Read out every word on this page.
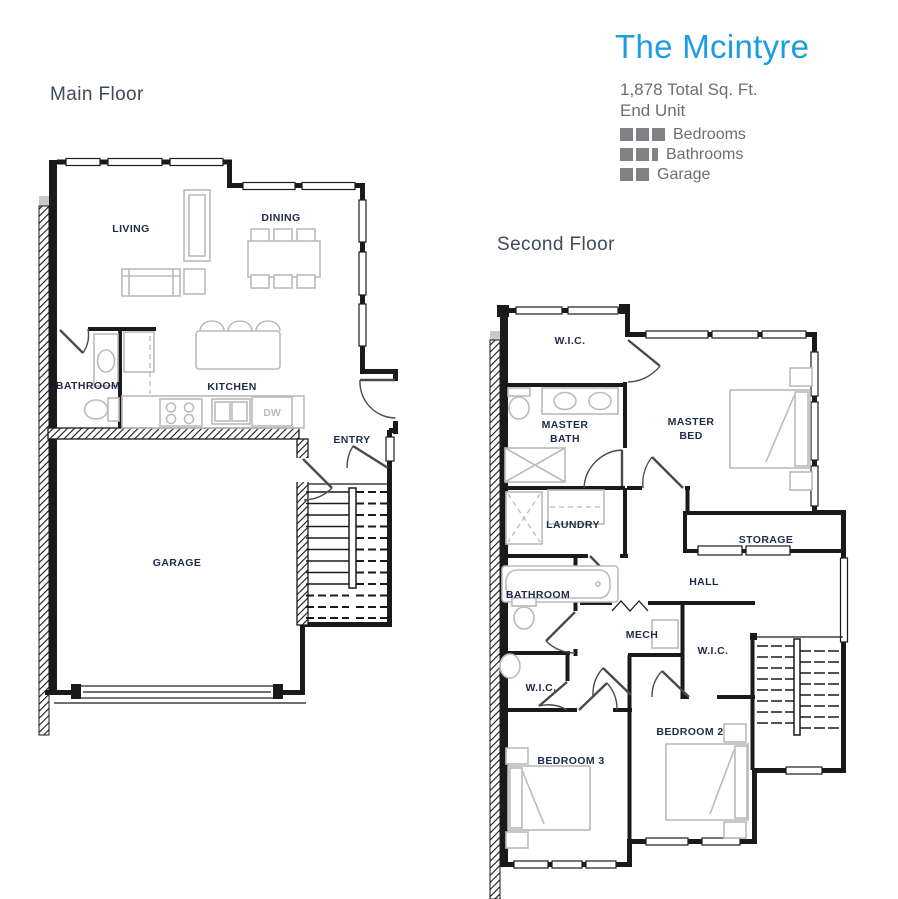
Main Floor
Second Floor
The Mcintyre
1,878 Total Sq. Ft.
End Unit
Bedrooms
Bathrooms
Garage
LIVING
DINING
BATHROOM	KITCHEN
ENTRY
GARAGE
DW
W.I.C.
MASTER
BATH
MASTER
BED
LAUNDRY
STORAGE
BATHROOM
HALL
MECH
W.I.C.
W.I.C.
BEDROOM 2
BEDROOM 3
